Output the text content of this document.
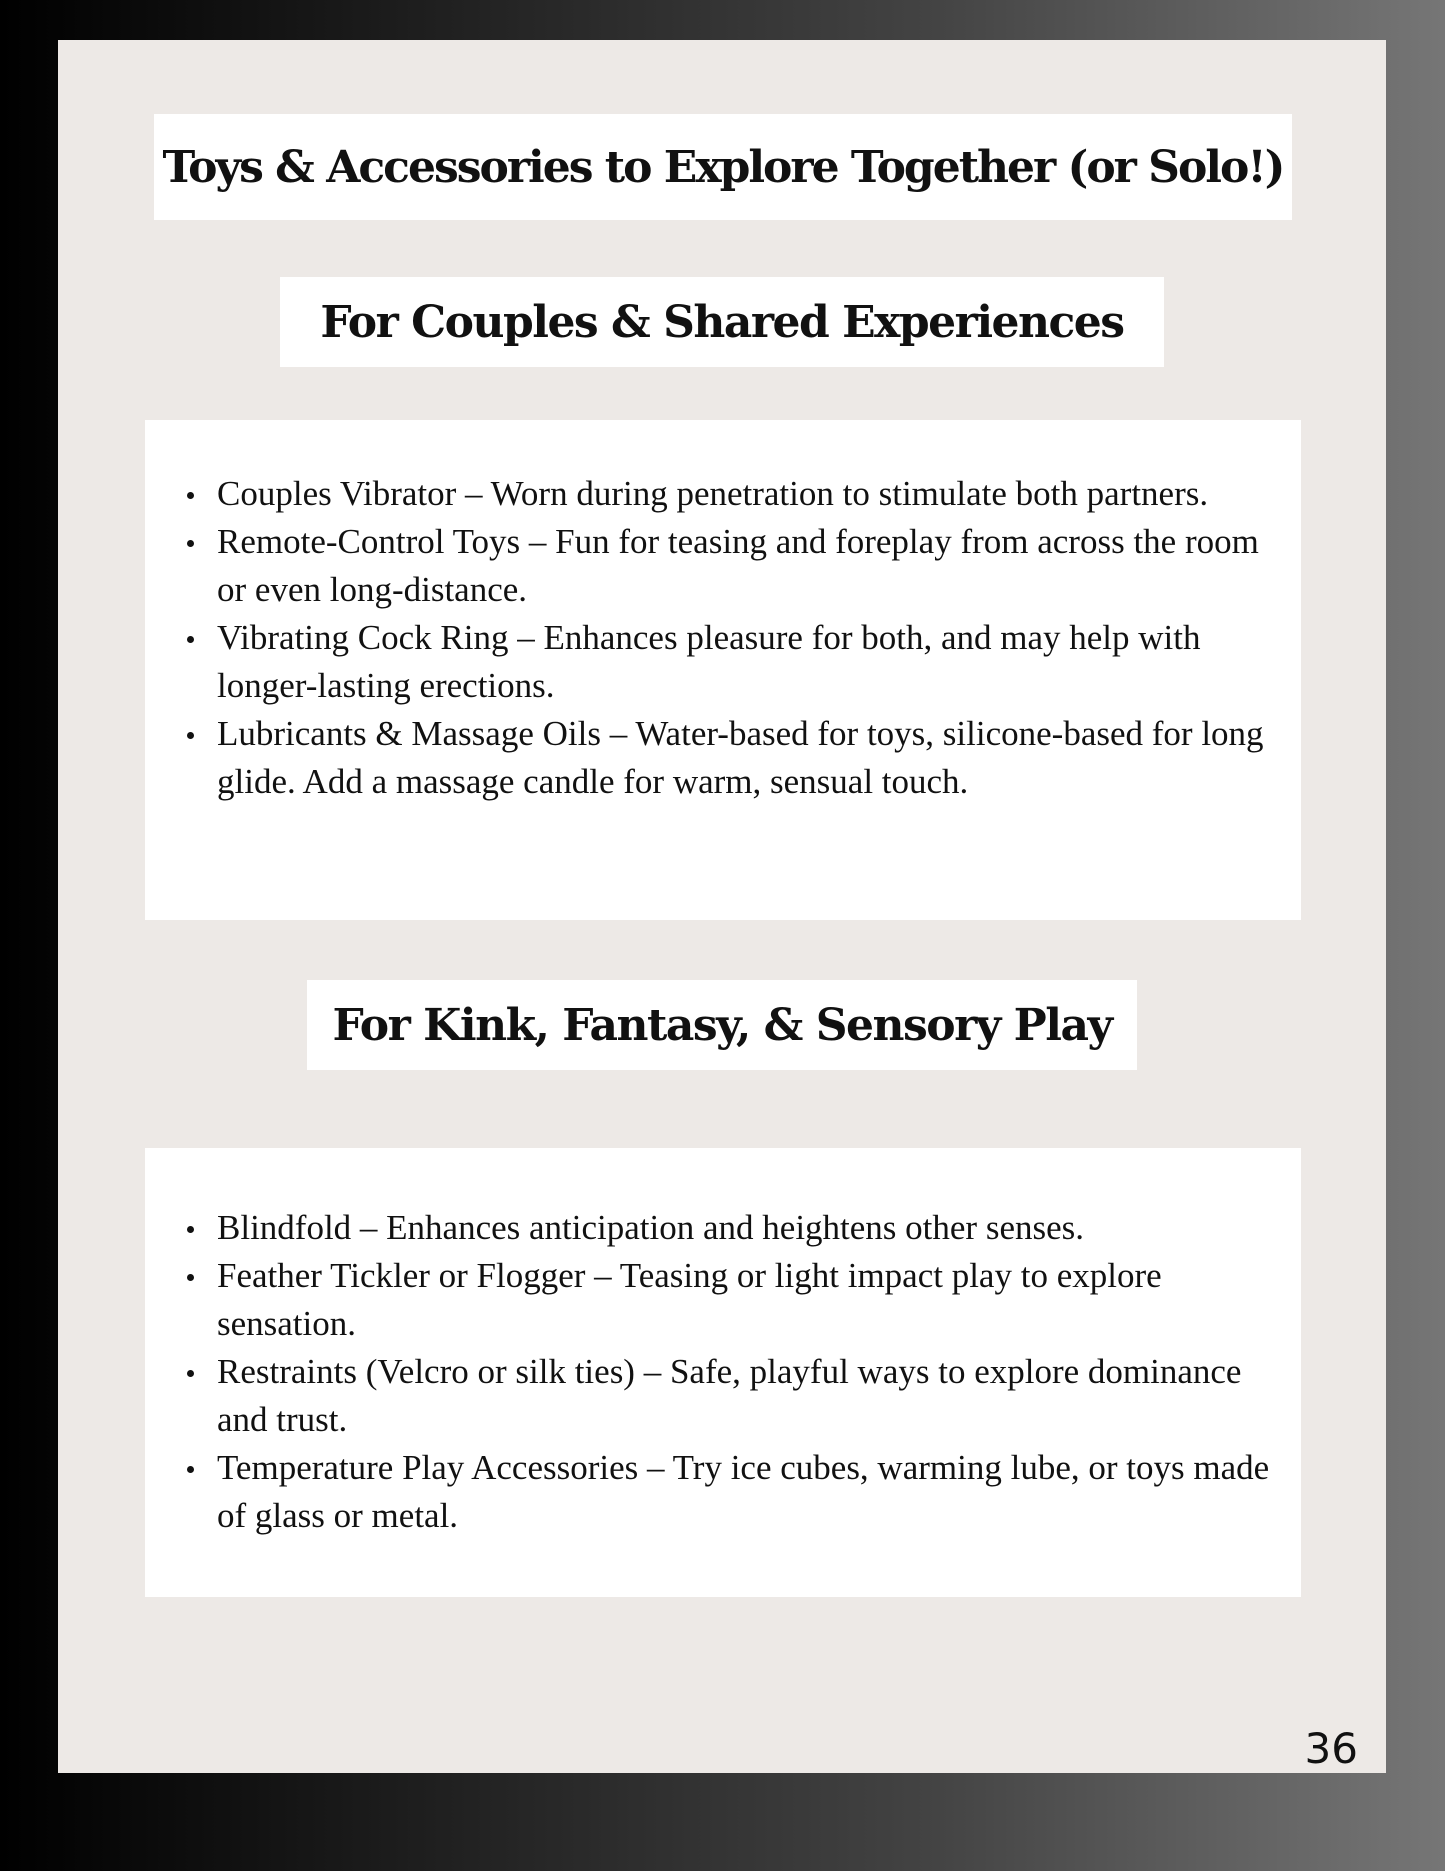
Toys & Accessories to Explore Together (or Solo!)
For Couples & Shared Experiences
Couples Vibrator – Worn during penetration to stimulate both partners.
Remote-Control Toys – Fun for teasing and foreplay from across the room or even long-distance.
Vibrating Cock Ring – Enhances pleasure for both, and may help with longer-lasting erections.
Lubricants & Massage Oils – Water-based for toys, silicone-based for long glide. Add a massage candle for warm, sensual touch.
For Kink, Fantasy, & Sensory Play
Blindfold – Enhances anticipation and heightens other senses.
Feather Tickler or Flogger – Teasing or light impact play to explore sensation.
Restraints (Velcro or silk ties) – Safe, playful ways to explore dominance and trust.
Temperature Play Accessories – Try ice cubes, warming lube, or toys made of glass or metal.
36
